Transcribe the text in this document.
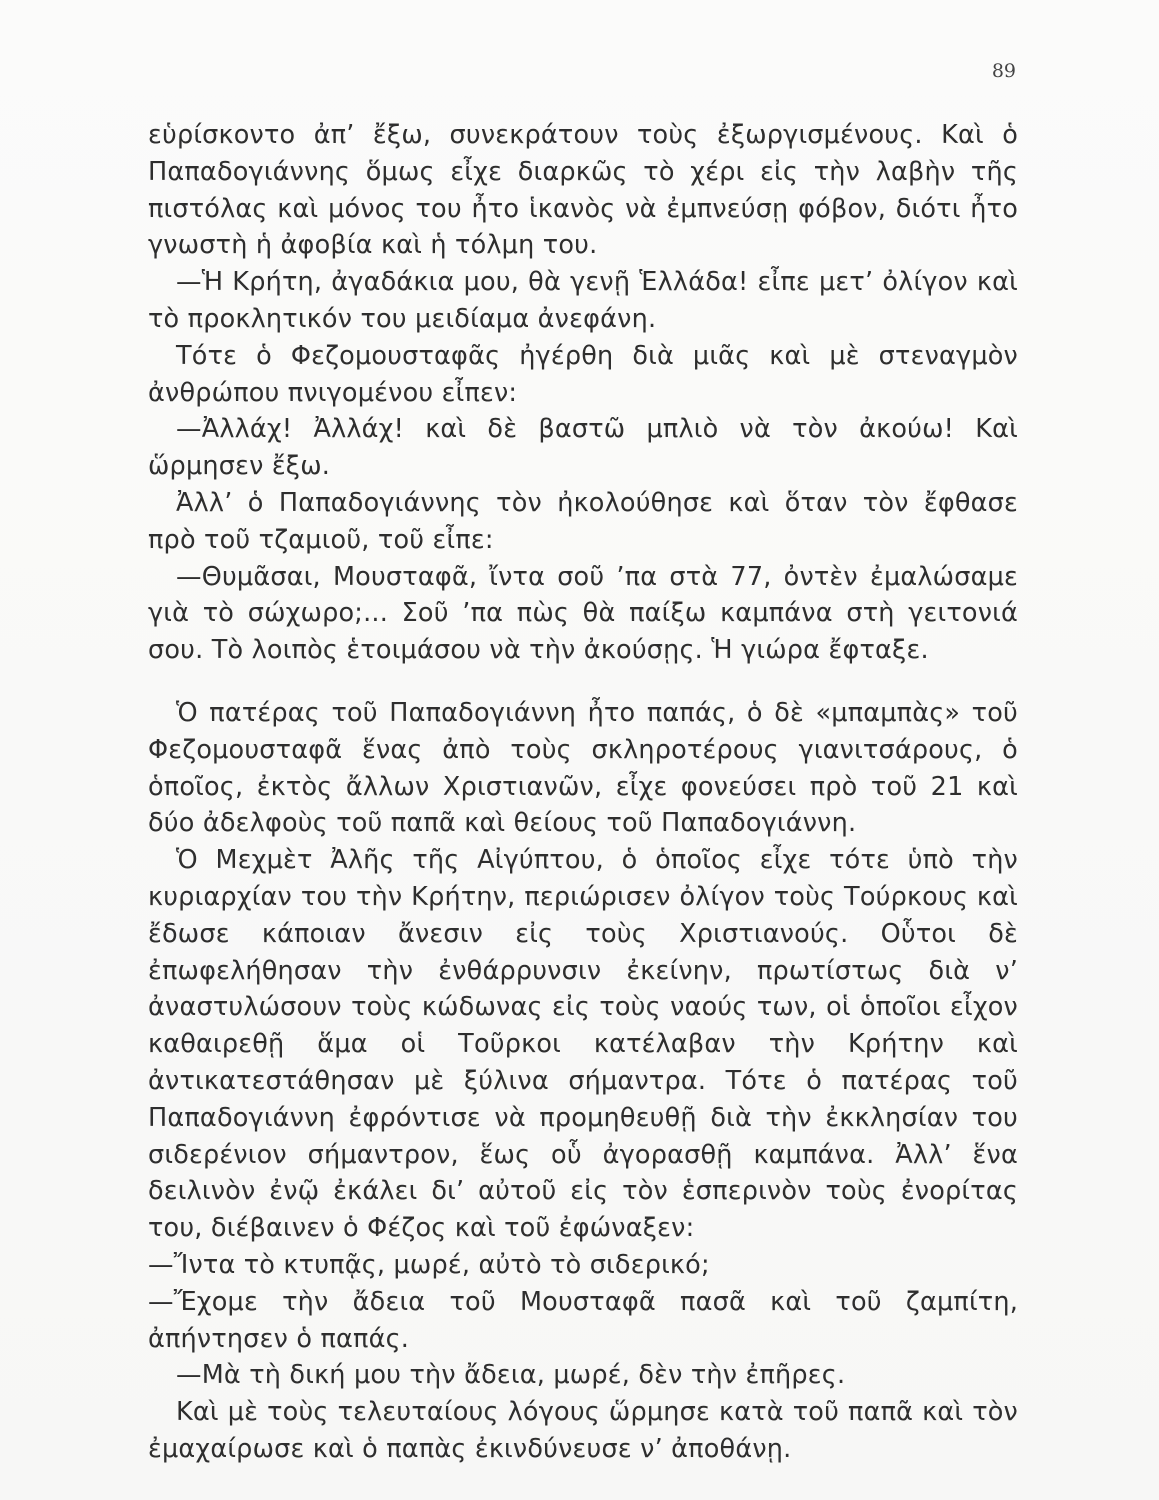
89

εὑρίσκοντο ἀπ’ ἔξω, συνεκράτουν τοὺς ἐξωργισμένους. Καὶ ὁ Παπαδογιάννης ὅμως εἶχε διαρκῶς τὸ χέρι εἰς τὴν λαβὴν τῆς πιστόλας καὶ μόνος του ἦτο ἱκανὸς νὰ ἐμπνεύσῃ φόβον, διότι ἦτο γνωστὴ ἡ ἀφοβία καὶ ἡ τόλμη του.

—Ἡ Κρήτη, ἀγαδάκια μου, θὰ γενῇ Ἑλλάδα! εἶπε μετ’ ὀλίγον καὶ τὸ προκλητικόν του μειδίαμα ἀνεφάνη.

Τότε ὁ Φεζομουσταφᾶς ἠγέρθη διὰ μιᾶς καὶ μὲ στεναγμὸν ἀνθρώπου πνιγομένου εἶπεν:

—Ἀλλάχ! Ἀλλάχ! καὶ δὲ βαστῶ μπλιὸ νὰ τὸν ἀκούω! Καὶ ὥρμησεν ἔξω.

Ἀλλ’ ὁ Παπαδογιάννης τὸν ἠκολούθησε καὶ ὅταν τὸν ἔφθασε πρὸ τοῦ τζαμιοῦ, τοῦ εἶπε:

—Θυμᾶσαι, Μουσταφᾶ, ἴντα σοῦ ’πα στὰ 77, ὀντὲν ἐμαλώσαμε γιὰ τὸ σώχωρο;... Σοῦ ’πα πὼς θὰ παίξω καμπάνα στὴ γειτονιά σου. Τὸ λοιπὸς ἑτοιμάσου νὰ τὴν ἀκούσῃς. Ἡ γιώρα ἔφταξε.

Ὁ πατέρας τοῦ Παπαδογιάννη ἦτο παπάς, ὁ δὲ «μπαμπὰς» τοῦ Φεζομουσταφᾶ ἕνας ἀπὸ τοὺς σκληροτέρους γιανιτσάρους, ὁ ὁποῖος, ἐκτὸς ἄλλων Χριστιανῶν, εἶχε φονεύσει πρὸ τοῦ 21 καὶ δύο ἀδελφοὺς τοῦ παπᾶ καὶ θείους τοῦ Παπαδογιάννη.

Ὁ Μεχμὲτ Ἀλῆς τῆς Αἰγύπτου, ὁ ὁποῖος εἶχε τότε ὑπὸ τὴν κυριαρχίαν του τὴν Κρήτην, περιώρισεν ὀλίγον τοὺς Τούρκους καὶ ἔδωσε κάποιαν ἄνεσιν εἰς τοὺς Χριστιανούς. Οὗτοι δὲ ἐπωφελήθησαν τὴν ἐνθάρρυνσιν ἐκείνην, πρωτίστως διὰ ν’ ἀναστυλώσουν τοὺς κώδωνας εἰς τοὺς ναούς των, οἱ ὁποῖοι εἶχον καθαιρεθῇ ἅμα οἱ Τοῦρκοι κατέλαβαν τὴν Κρήτην καὶ ἀντικατεστάθησαν μὲ ξύλινα σήμαντρα. Τότε ὁ πατέρας τοῦ Παπαδογιάννη ἐφρόντισε νὰ προμηθευθῇ διὰ τὴν ἐκκλησίαν του σιδερένιον σήμαντρον, ἕως οὗ ἀγορασθῇ καμπάνα. Ἀλλ’ ἕνα δειλινὸν ἐνῷ ἐκάλει δι’ αὐτοῦ εἰς τὸν ἑσπερινὸν τοὺς ἐνορίτας του, διέβαινεν ὁ Φέζος καὶ τοῦ ἐφώναξεν:

—Ἴντα τὸ κτυπᾷς, μωρέ, αὐτὸ τὸ σιδερικό;

—Ἔχομε τὴν ἄδεια τοῦ Μουσταφᾶ πασᾶ καὶ τοῦ ζαμπίτη, ἀπήντησεν ὁ παπάς.

—Μὰ τὴ δική μου τὴν ἄδεια, μωρέ, δὲν τὴν ἐπῆρες.

Καὶ μὲ τοὺς τελευταίους λόγους ὥρμησε κατὰ τοῦ παπᾶ καὶ τὸν ἐμαχαίρωσε καὶ ὁ παπὰς ἐκινδύνευσε ν’ ἀποθάνῃ.
